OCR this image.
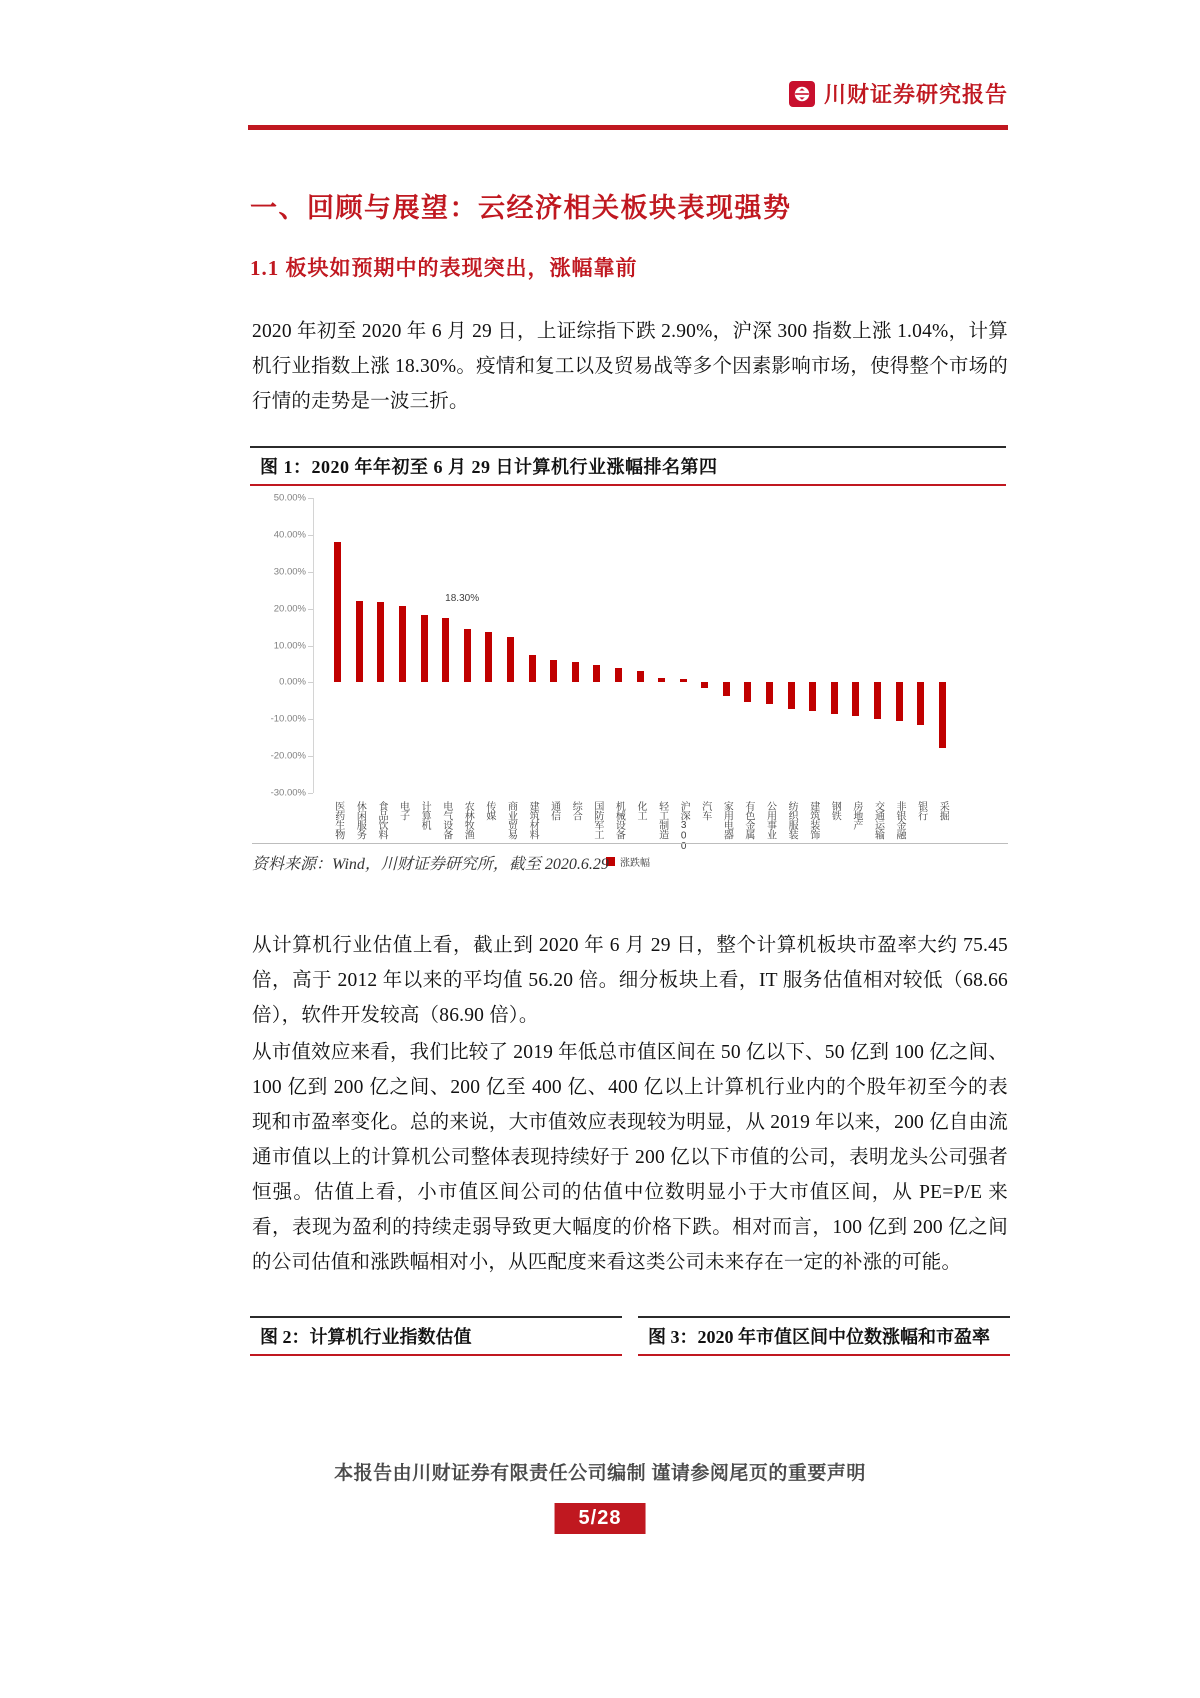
川财证券研究报告
一、回顾与展望：云经济相关板块表现强势
1.1 板块如预期中的表现突出，涨幅靠前
2020 年初至 2020 年 6 月 29 日，上证综指下跌 2.90%，沪深 300 指数上涨 1.04%，计算机行业指数上涨 18.30%。疫情和复工以及贸易战等多个因素影响市场，使得整个市场的行情的走势是一波三折。
图 1：2020 年年初至 6 月 29 日计算机行业涨幅排名第四
50.00%
40.00%
30.00%
20.00%
10.00%
0.00%
-10.00%
-20.00%
-30.00%
医药生物 休闲服务 食品饮料 电子 计算机
18.30%
电气设备 农林牧渔 传媒 商业贸易 建筑材料 通信 综合 国防军工 机械设备 化工 轻工制造 沪深300 汽车 家用电器 有色金属 公用事业 纺织服装 建筑装饰 钢铁 房地产 交通运输 非银金融 银行 采掘
涨跌幅
资料来源：Wind，川财证券研究所，截至 2020.6.29
从计算机行业估值上看，截止到 2020 年 6 月 29 日，整个计算机板块市盈率大约 75.45 倍，高于 2012 年以来的平均值 56.20 倍。细分板块上看，IT 服务估值相对较低（68.66 倍），软件开发较高（86.90 倍）。
从市值效应来看，我们比较了 2019 年低总市值区间在 50 亿以下、50 亿到 100 亿之间、100 亿到 200 亿之间、200 亿至 400 亿、400 亿以上计算机行业内的个股年初至今的表现和市盈率变化。总的来说，大市值效应表现较为明显，从 2019 年以来，200 亿自由流通市值以上的计算机公司整体表现持续好于 200 亿以下市值的公司，表明龙头公司强者恒强。估值上看，小市值区间公司的估值中位数明显小于大市值区间，从 PE=P/E 来看，表现为盈利的持续走弱导致更大幅度的价格下跌。相对而言，100 亿到 200 亿之间的公司估值和涨跌幅相对小，从匹配度来看这类公司未来存在一定的补涨的可能。
图 2：计算机行业指数估值	图 3：2020 年市值区间中位数涨幅和市盈率
本报告由川财证券有限责任公司编制 谨请参阅尾页的重要声明
5/28
